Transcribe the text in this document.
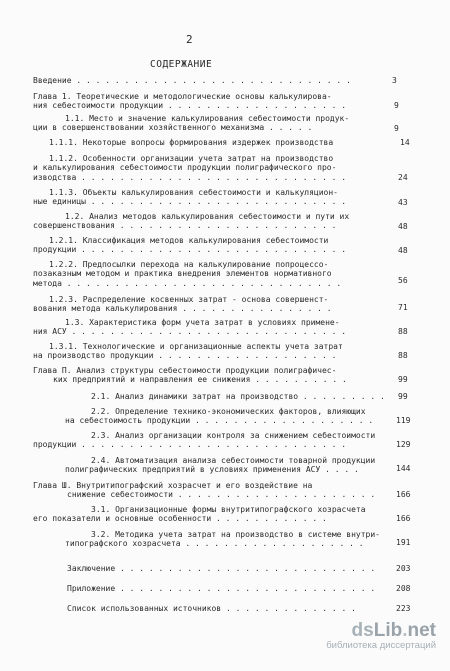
2
СОДЕРЖАНИЕ
Введение . . . . . . . . . . . . . . . . . . . . . . . . . . . . .	3
Глава 1. Теоретические и методологические основы калькулирова-
ния себестоимости продукции . . . . . . . . . . . . . . . . . . .	9
1.1. Место и значение калькулирования себестоимости продук-
ции в совершенствовании хозяйственного механизма . . . . .	9
1.1.1. Некоторые вопросы формирования издержек производства	14
1.1.2. Особенности организации учета затрат на производство
и калькулирования себестоимости продукции полиграфического про-
изводства . . . . . . . . . . . . . . . . . . . . . . . . . . . .	24
1.1.3. Объекты калькулирования себестоимости и калькуляцион-
ные единицы . . . . . . . . . . . . . . . . . . . . . . . . . . .	43
1.2. Анализ методов калькулирования себестоимости и пути их
совершенствования . . . . . . . . . . . . . . . . . . . . . . .	48
1.2.1. Классификация методов калькулирования себестоимости
продукции . . . . . . . . . . . . . . . . . . . . . . . . . . . .	48
1.2.2. Предпосылки перехода на калькулирование попроцессо-
позаказным методом и практика внедрения элементов нормативного
метода . . . . . . . . . . . . . . . . . . . . . . . . . . . . .	56
1.2.3. Распределение косвенных затрат - основа совершенст-
вования метода калькулирования . . . . . . . . . . . . . . . .	71
1.3. Характеристика форм учета затрат в условиях примене-
ния АСУ . . . . . . . . . . . . . . . . . . . . . . . . . . . . .	88
1.3.1. Технологические и организационные аспекты учета затрат
на производство продукции . . . . . . . . . . . . . . . . . . .	88
Глава П. Анализ структуры себестоимости продукции полиграфичес-
ких предприятий и направления ее снижения . . . . . . . . . .	99
2.1. Анализ динамики затрат на производство . . . . . . . . . 99
2.2. Определение технико-экономических факторов, влияющих
на себестоимость продукции . . . . . . . . . . . . . . . . . . .	119
2.3. Анализ организации контроля за снижением себестоимости
продукции . . . . . . . . . . . . . . . . . . . . . . . . . . . .	129
2.4. Автоматизация анализа себестоимости товарной продукции
полиграфических предприятий в условиях применения АСУ . . . .	144
Глава Ш. Внутритипографский хозрасчет и его воздействие на
снижение себестоимости . . . . . . . . . . . . . . . . . . . . .	166
3.1. Организационные формы внутритипографского хозрасчета
его показатели и основные особенности . . . . . . . . . . . .	166
3.2. Методика учета затрат на производство в системе внутри-
типографского хозрасчета . . . . . . . . . . . . . . . . . . .	191
Заключение . . . . . . . . . . . . . . . . . . . . . . . . . . .	203
Приложение . . . . . . . . . . . . . . . . . . . . . . . . . . .	208
Список использованных источников . . . . . . . . . . . . . .	223
dsLib.net
библиотека диссертаций
